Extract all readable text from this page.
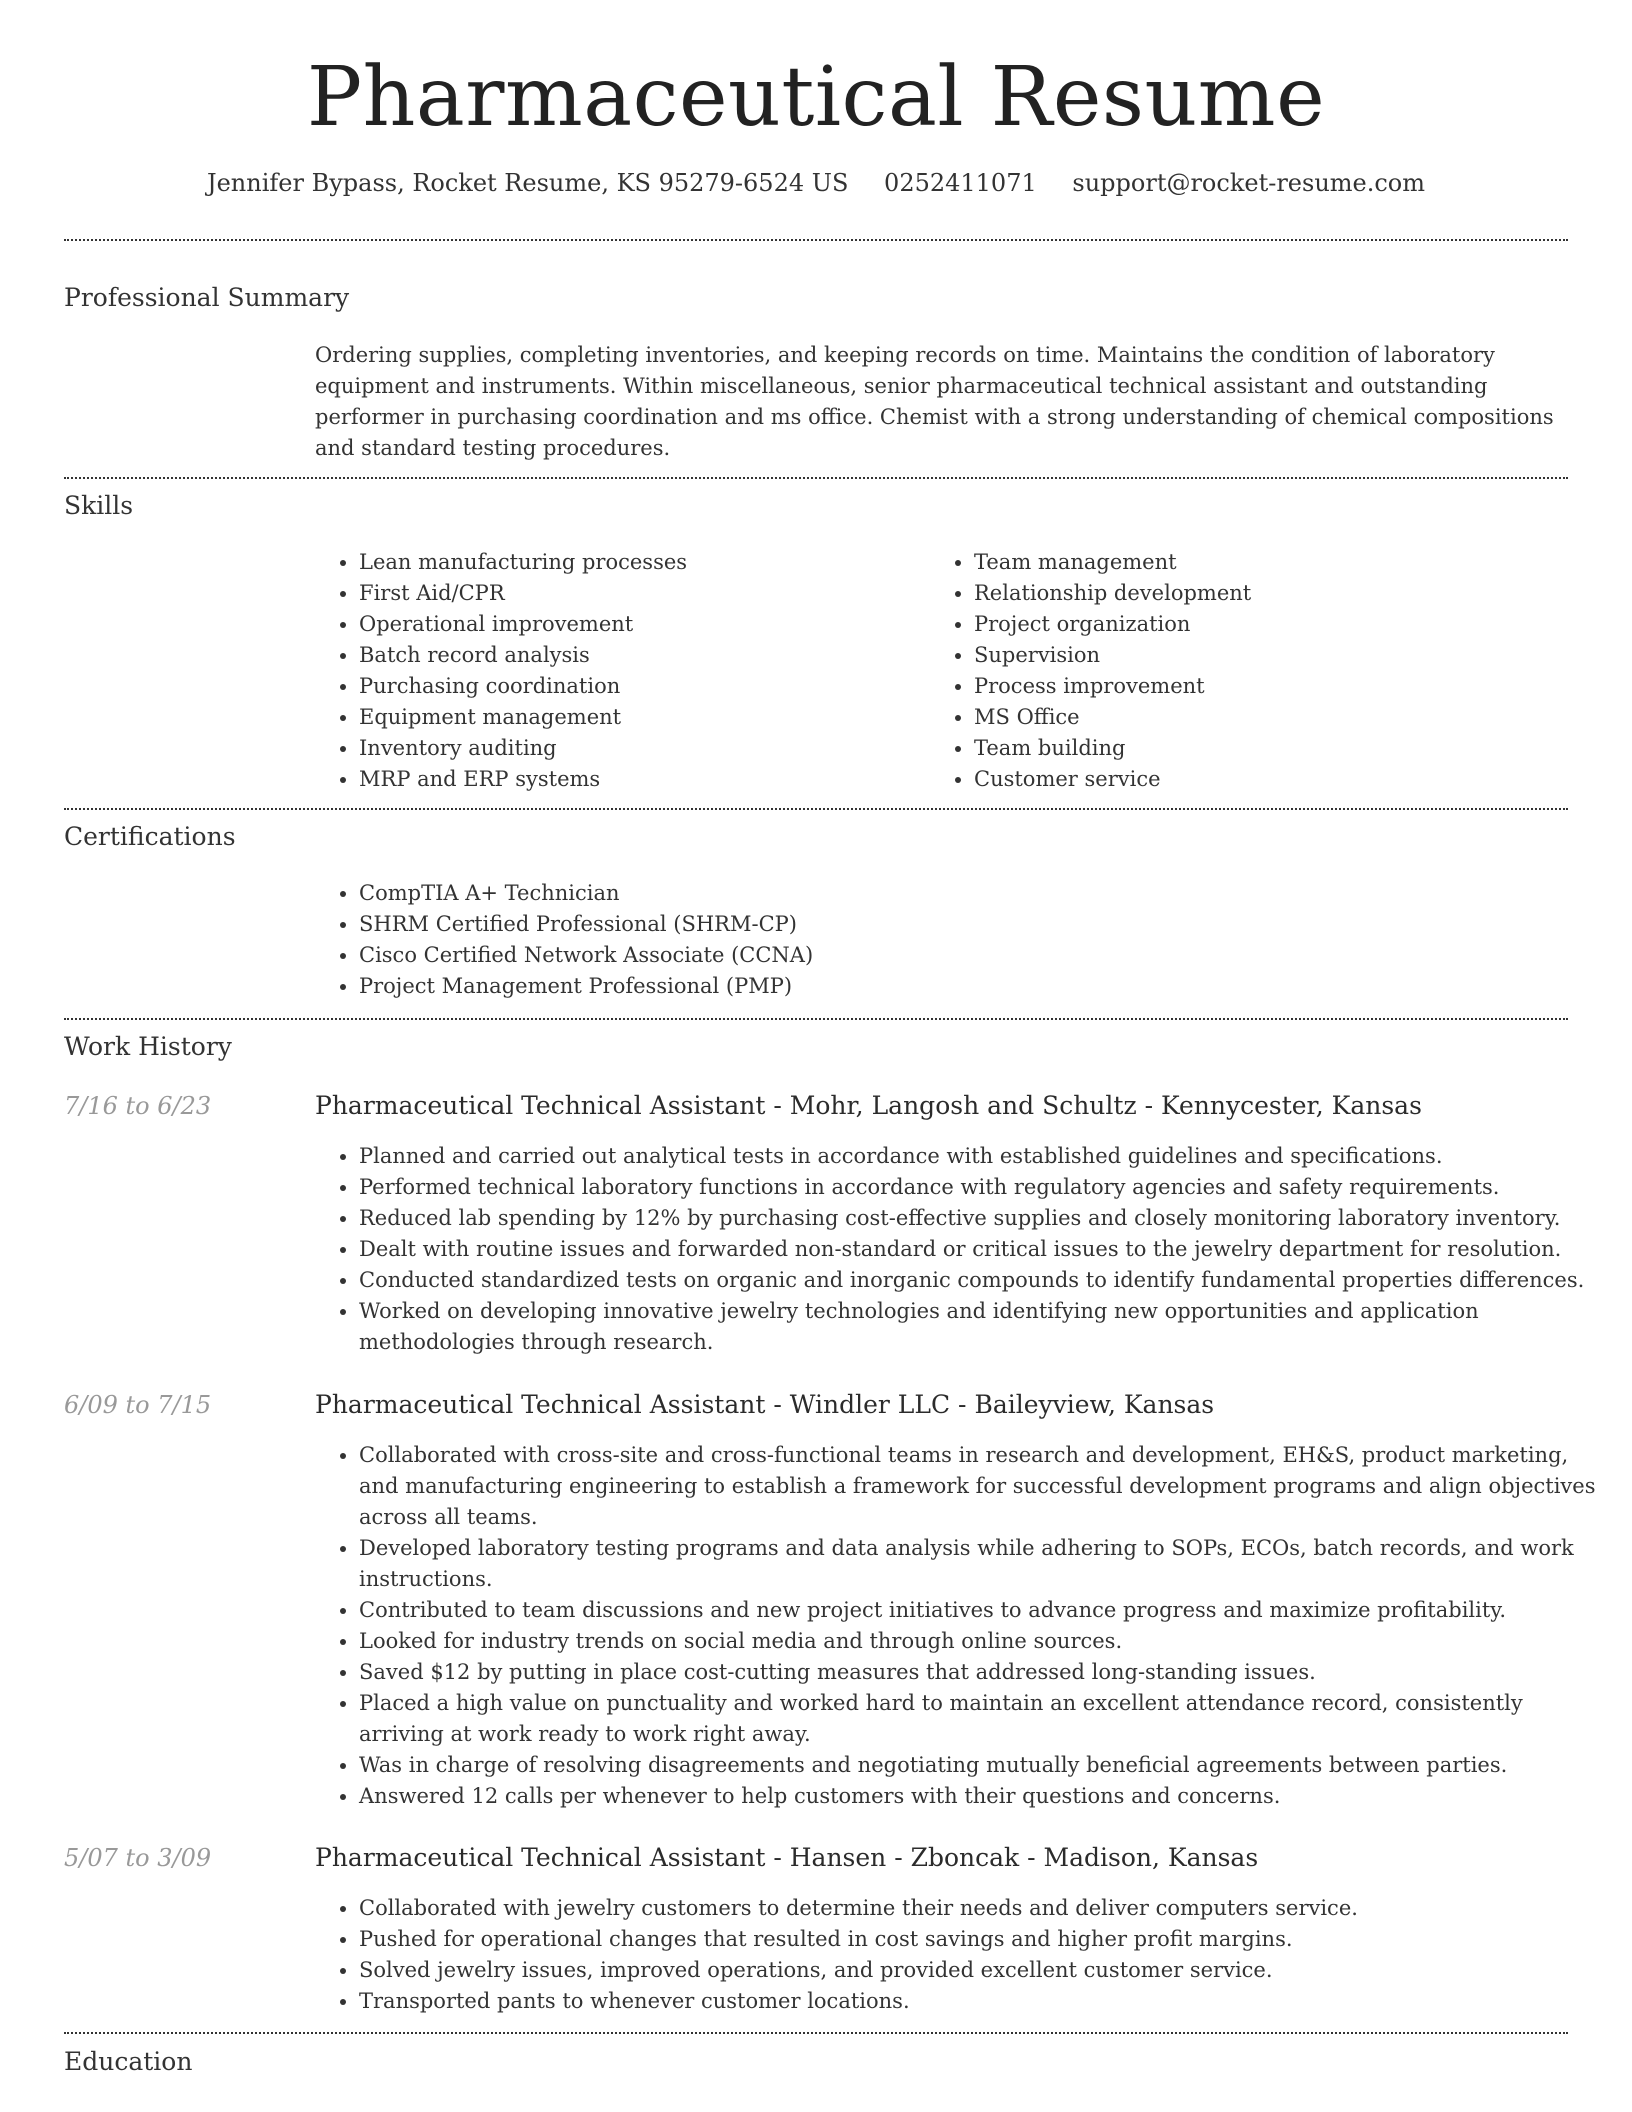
Pharmaceutical Resume
Jennifer Bypass, Rocket Resume, KS 95279-6524 US 0252411071 support@rocket-resume.com
Professional Summary

Ordering supplies, completing inventories, and keeping records on time. Maintains the condition of laboratory equipment and instruments. Within miscellaneous, senior pharmaceutical technical assistant and outstanding performer in purchasing coordination and ms office. Chemist with a strong understanding of chemical compositions and standard testing procedures.

Skills
• Lean manufacturing processes
• First Aid/CPR
• Operational improvement
• Batch record analysis
• Purchasing coordination
• Equipment management
• Inventory auditing
• MRP and ERP systems
• Team management
• Relationship development
• Project organization
• Supervision
• Process improvement
• MS Office
• Team building
• Customer service
Certifications
• CompTIA A+ Technician
• SHRM Certified Professional (SHRM-CP)
• Cisco Certified Network Associate (CCNA)
• Project Management Professional (PMP)
Work History
7/16 to 6/23	Pharmaceutical Technical Assistant - Mohr, Langosh and Schultz - Kennycester, Kansas
• Planned and carried out analytical tests in accordance with established guidelines and specifications.
• Performed technical laboratory functions in accordance with regulatory agencies and safety requirements.
• Reduced lab spending by 12% by purchasing cost-effective supplies and closely monitoring laboratory inventory.
• Dealt with routine issues and forwarded non-standard or critical issues to the jewelry department for resolution.
• Conducted standardized tests on organic and inorganic compounds to identify fundamental properties differences.
• Worked on developing innovative jewelry technologies and identifying new opportunities and application methodologies through research.
6/09 to 7/15	Pharmaceutical Technical Assistant - Windler LLC - Baileyview, Kansas
• Collaborated with cross-site and cross-functional teams in research and development, EH&S, product marketing, and manufacturing engineering to establish a framework for successful development programs and align objectives across all teams.
• Developed laboratory testing programs and data analysis while adhering to SOPs, ECOs, batch records, and work instructions.
• Contributed to team discussions and new project initiatives to advance progress and maximize profitability.
• Looked for industry trends on social media and through online sources.
• Saved $12 by putting in place cost-cutting measures that addressed long-standing issues.
• Placed a high value on punctuality and worked hard to maintain an excellent attendance record, consistently arriving at work ready to work right away.
• Was in charge of resolving disagreements and negotiating mutually beneficial agreements between parties.
• Answered 12 calls per whenever to help customers with their questions and concerns.
5/07 to 3/09	Pharmaceutical Technical Assistant - Hansen - Zboncak - Madison, Kansas
• Collaborated with jewelry customers to determine their needs and deliver computers service.
• Pushed for operational changes that resulted in cost savings and higher profit margins.
• Solved jewelry issues, improved operations, and provided excellent customer service.
• Transported pants to whenever customer locations.
Education
